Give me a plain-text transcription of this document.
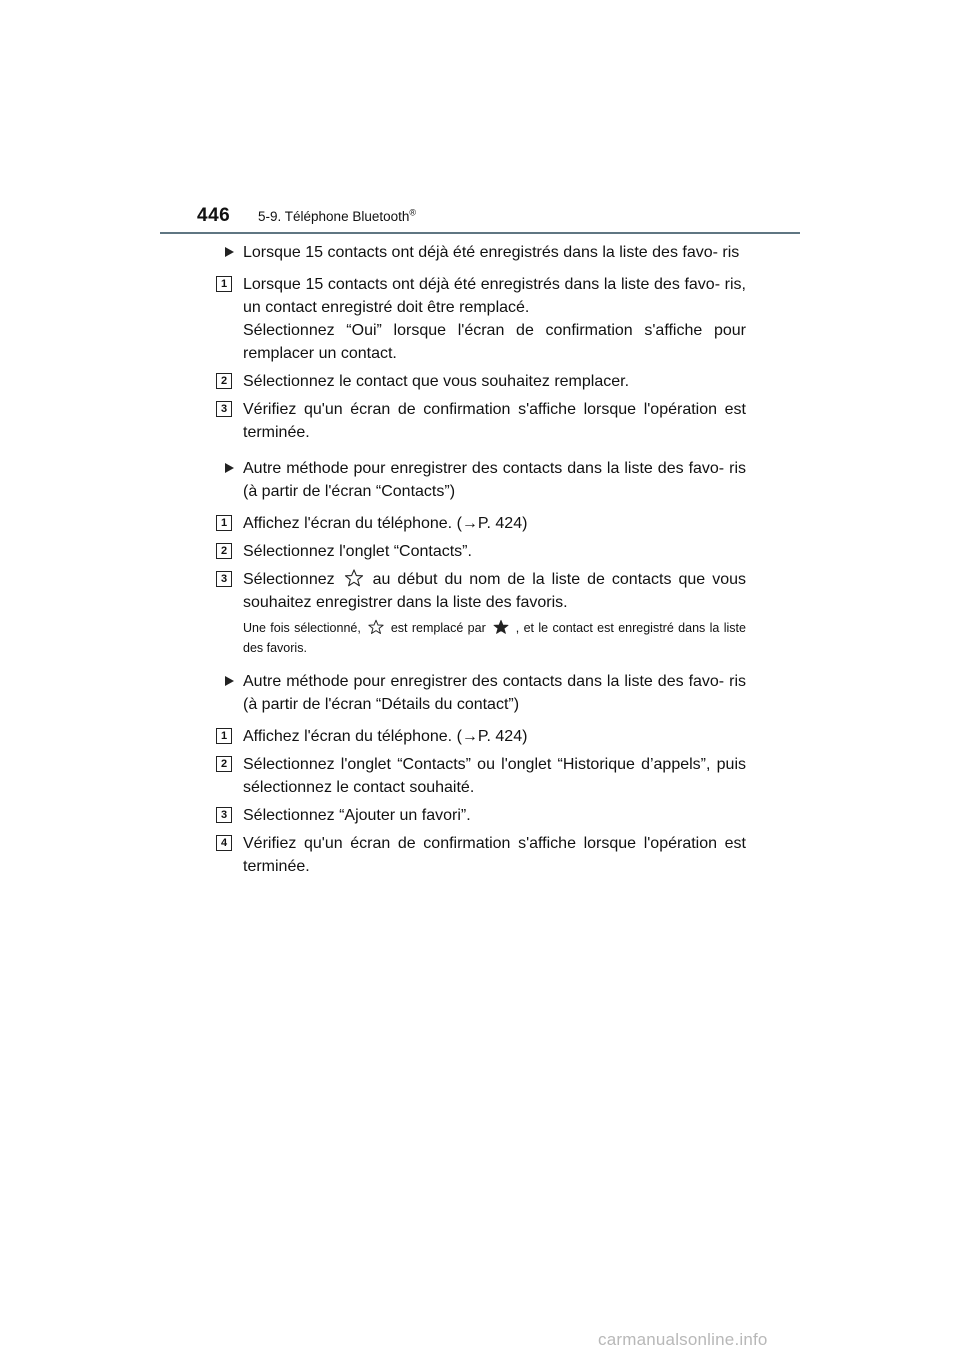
446 5-9. Téléphone Bluetooth®
Lorsque 15 contacts ont déjà été enregistrés dans la liste des favo- ris
1 Lorsque 15 contacts ont déjà été enregistrés dans la liste des favo- ris, un contact enregistré doit être remplacé.
Sélectionnez “Oui” lorsque l'écran de confirmation s'affiche pour remplacer un contact.
2 Sélectionnez le contact que vous souhaitez remplacer.
3 Vérifiez qu'un écran de confirmation s'affiche lorsque l'opération est terminée.
Autre méthode pour enregistrer des contacts dans la liste des favo- ris (à partir de l'écran “Contacts”)
1 Affichez l'écran du téléphone. (→P. 424)
2 Sélectionnez l'onglet “Contacts”.
3 Sélectionnez au début du nom de la liste de contacts que vous souhaitez enregistrer dans la liste des favoris.
Une fois sélectionné, est remplacé par , et le contact est enregistré dans la liste des favoris.
Autre méthode pour enregistrer des contacts dans la liste des favo- ris (à partir de l'écran “Détails du contact”)
1 Affichez l'écran du téléphone. (→P. 424)
2 Sélectionnez l'onglet “Contacts” ou l'onglet “Historique d’appels”, puis sélectionnez le contact souhaité.
3 Sélectionnez “Ajouter un favori”.
4 Vérifiez qu'un écran de confirmation s'affiche lorsque l'opération est terminée.
carmanualsonline.info
